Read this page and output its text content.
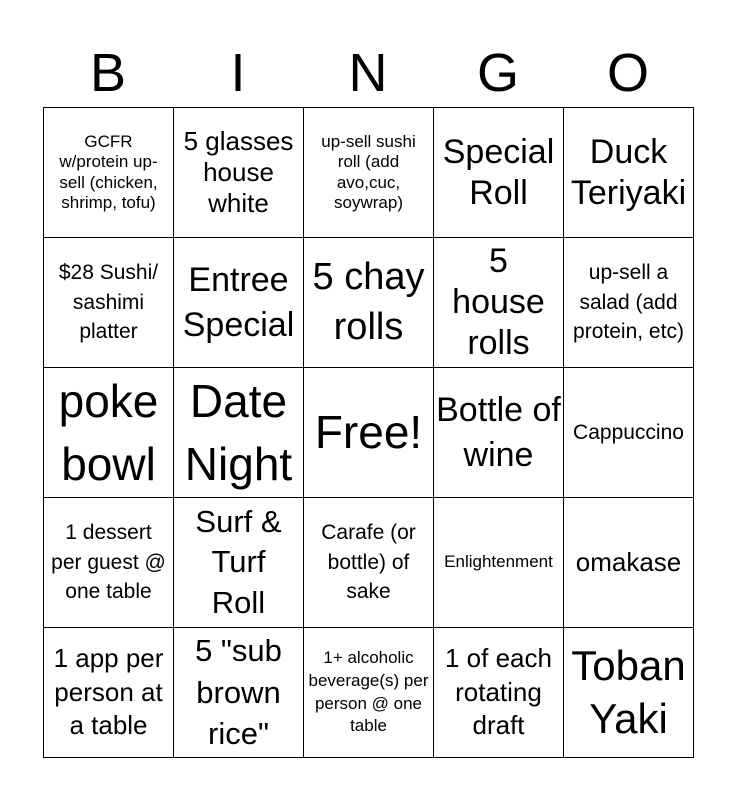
B	I	N	G	O
GCFR w/protein up-sell (chicken, shrimp, tofu)
5 glasses house white
up-sell sushi roll (add avo,cuc, soywrap)
Special Roll
Duck Teriyaki
$28 Sushi/ sashimi platter
Entree Special
5 chay rolls
5 house rolls
up-sell a salad (add protein, etc)
poke bowl
Date Night
Free! Bottle of wine
Cappuccino
1 dessert per guest @ one table
Surf & Turf Roll
Carafe (or bottle) of sake
Enlightenment omakase
1 app per person at a table
5 "sub brown rice"
1+ alcoholic beverage(s) per person @ one table
1 of each rotating draft
Toban Yaki
